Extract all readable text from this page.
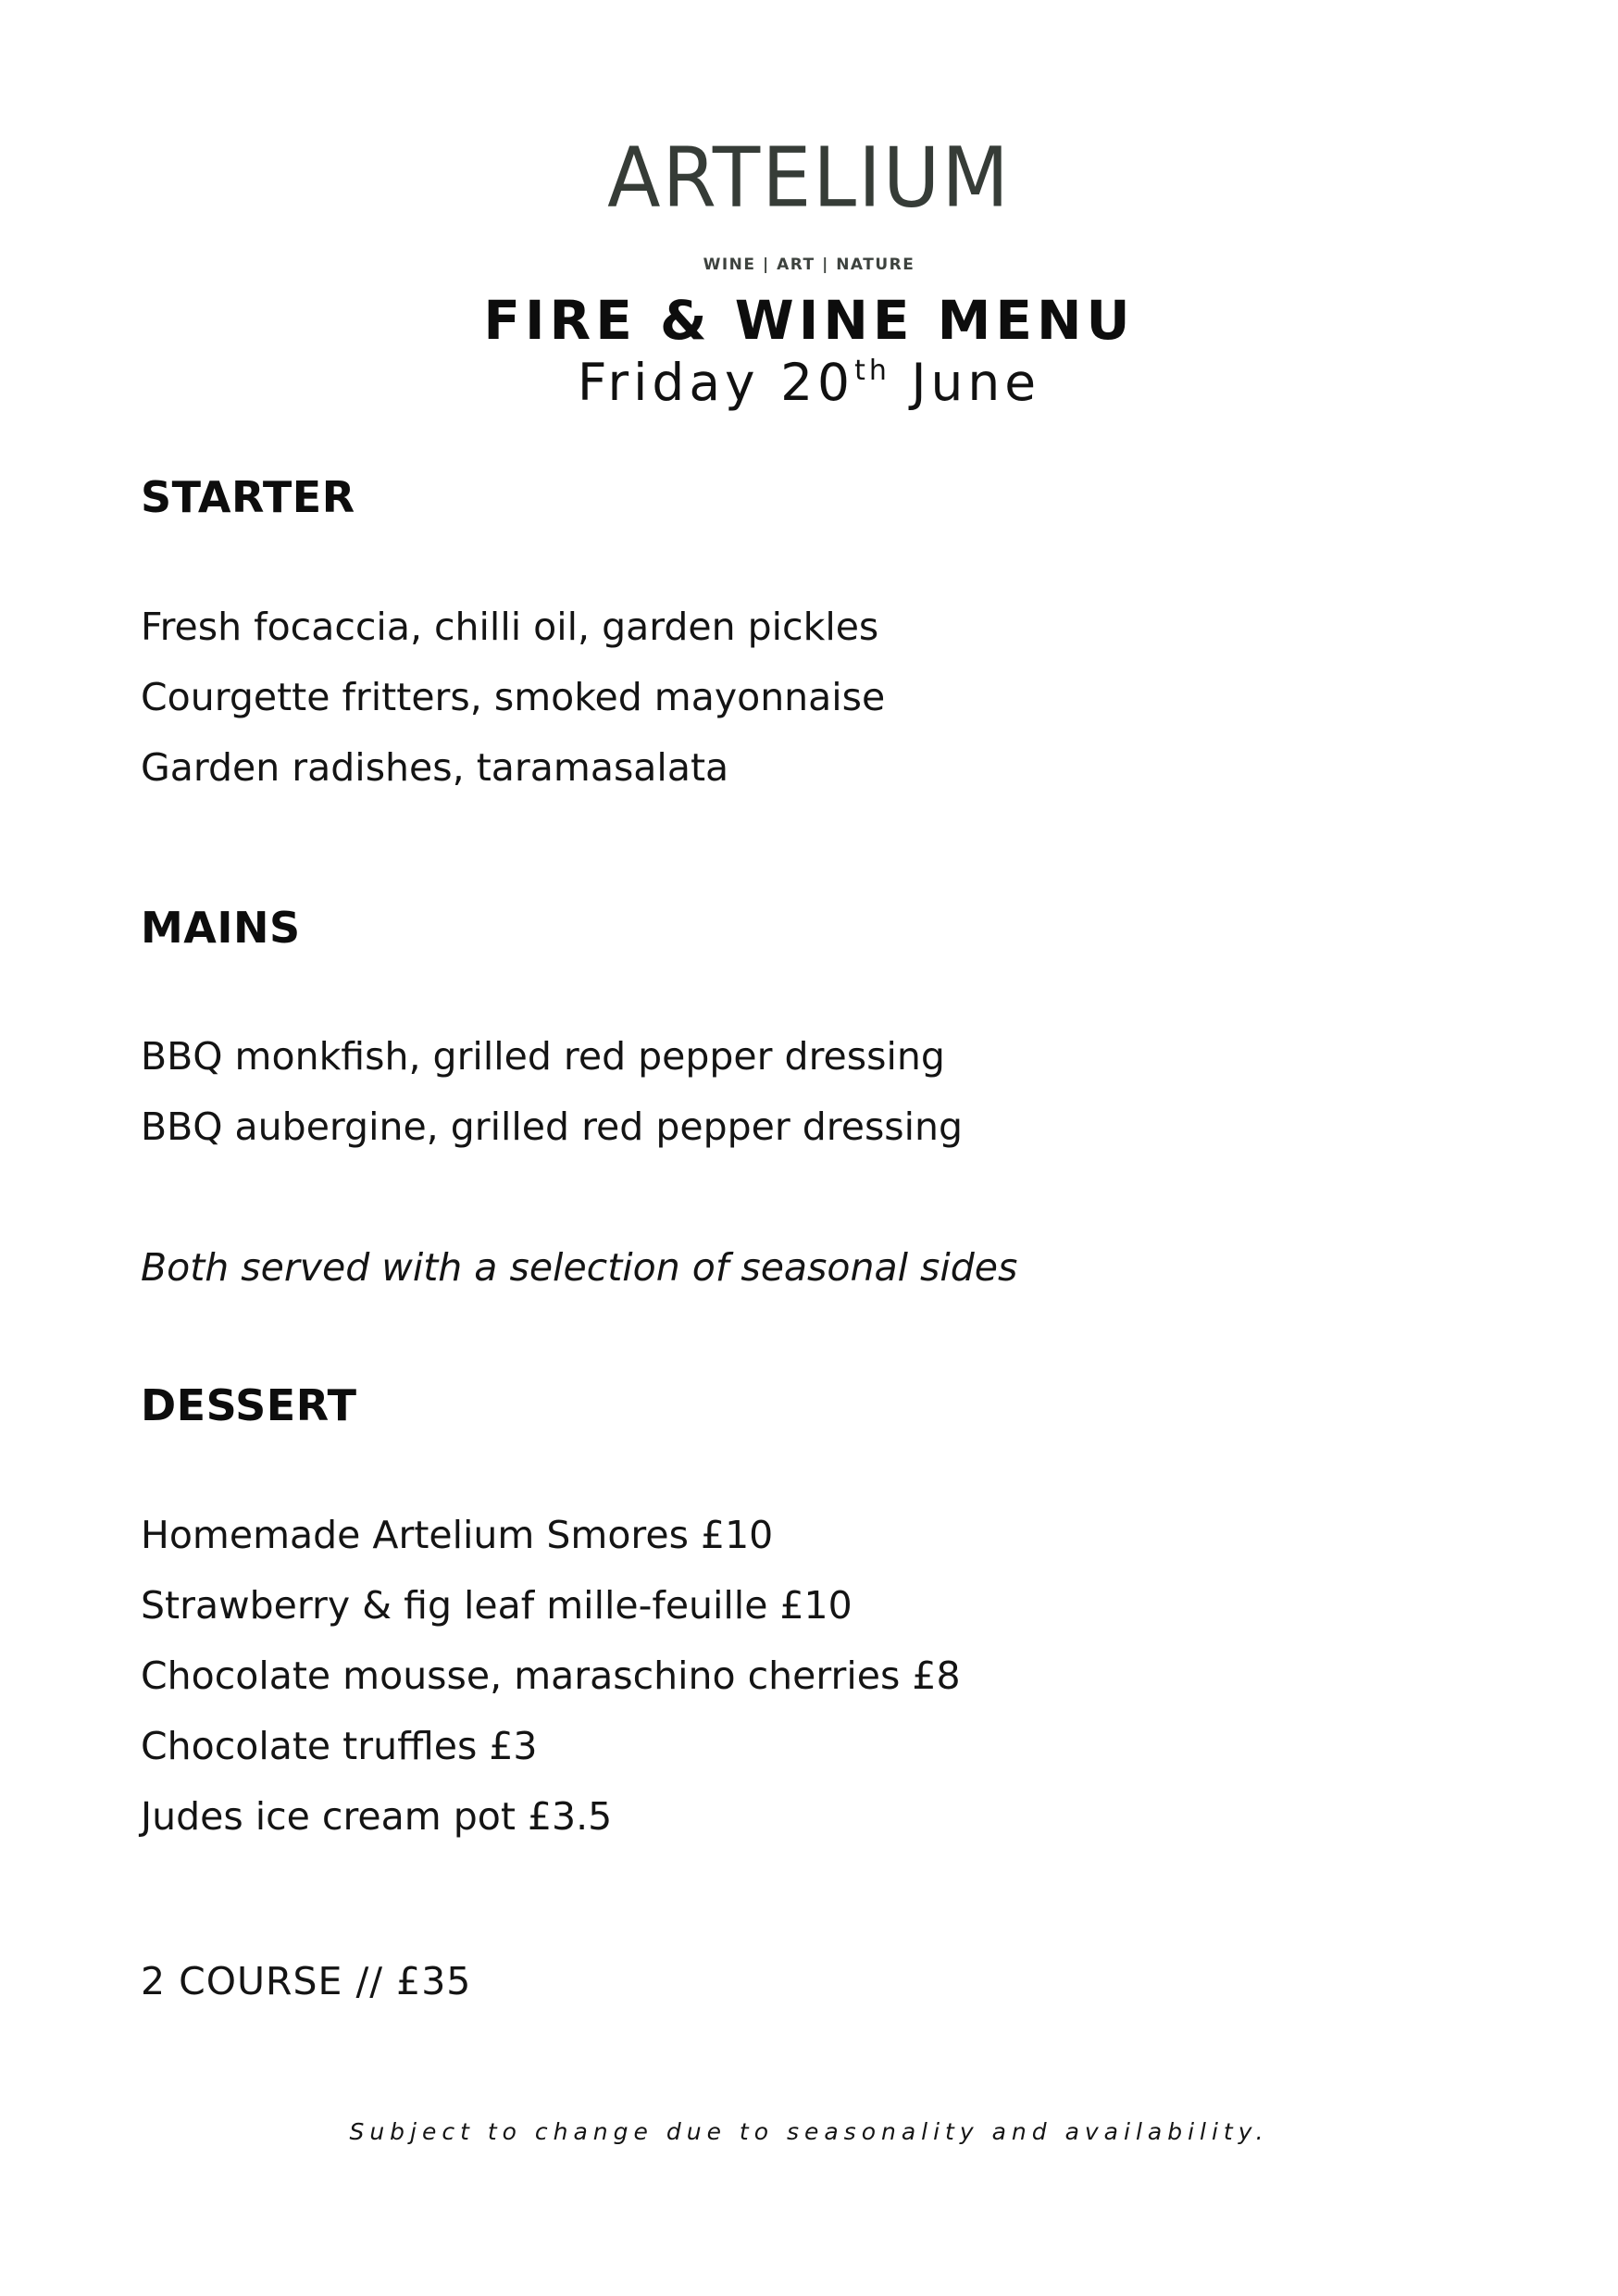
ARTELIUM
WINE | ART | NATURE
FIRE & WINE MENU
Friday 20th June
STARTER
Fresh focaccia, chilli oil, garden pickles
Courgette fritters, smoked mayonnaise
Garden radishes, taramasalata
MAINS
BBQ monkfish, grilled red pepper dressing
BBQ aubergine, grilled red pepper dressing
Both served with a selection of seasonal sides
DESSERT
Homemade Artelium Smores £10
Strawberry & fig leaf mille-feuille £10
Chocolate mousse, maraschino cherries £8
Chocolate truffles £3
Judes ice cream pot £3.5
2 COURSE // £35
Subject to change due to seasonality and availability.
